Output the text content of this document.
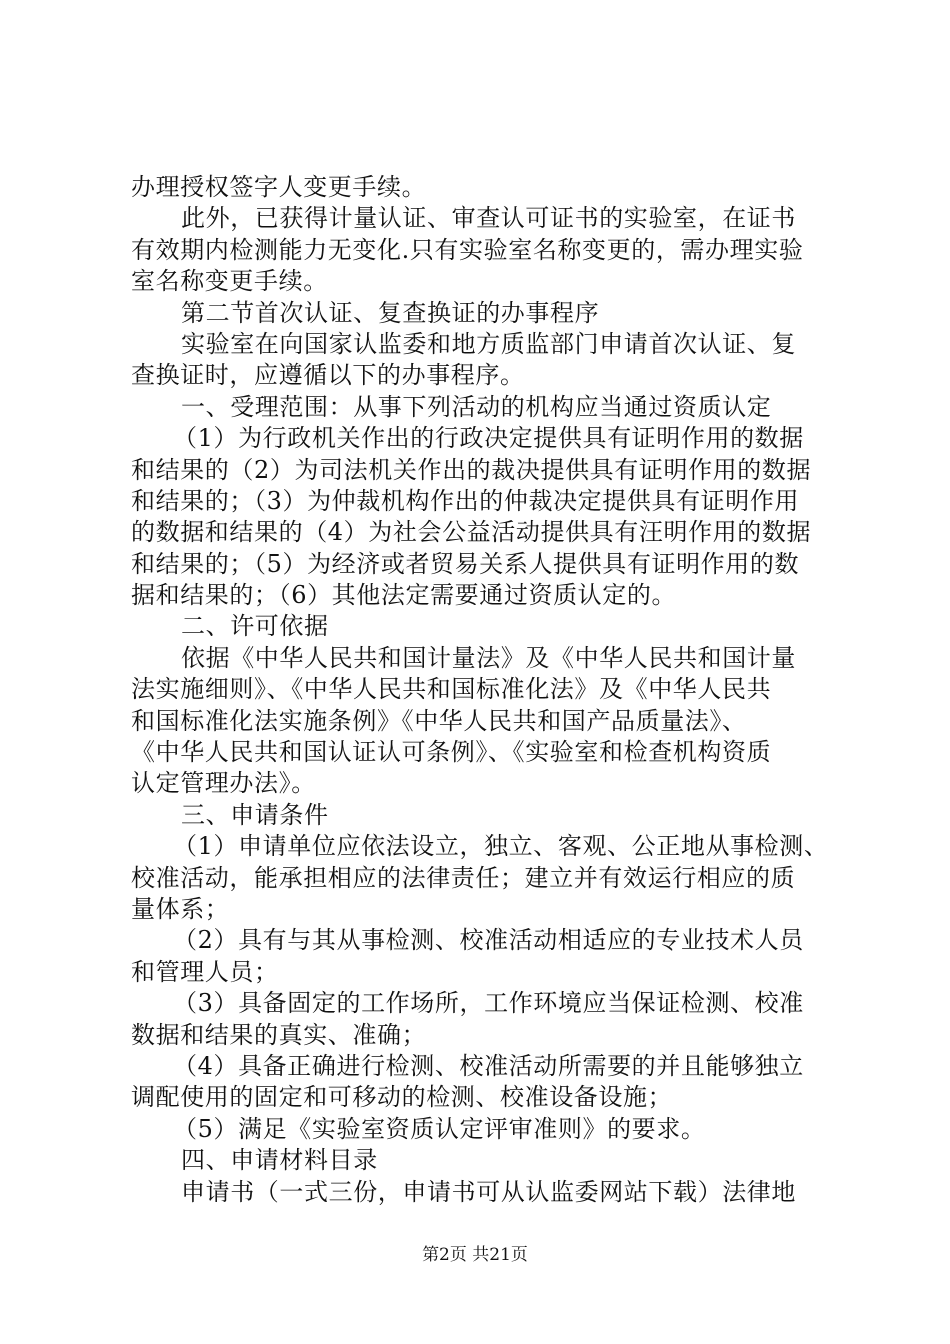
办理授权签字人变更手续。
此外，已获得计量认证、审查认可证书的实验室，在证书
有效期内检测能力无变化.只有实验室名称变更的，需办理实验
室名称变更手续。
第二节首次认证、复查换证的办事程序
实验室在向国家认监委和地方质监部门申请首次认证、复
查换证时，应遵循以下的办事程序。
一、受理范围：从事下列活动的机构应当通过资质认定
（1）为行政机关作出的行政决定提供具有证明作用的数据
和结果的（2）为司法机关作出的裁决提供具有证明作用的数据
和结果的；（3）为仲裁机构作出的仲裁决定提供具有证明作用
的数据和结果的（4）为社会公益活动提供具有汪明作用的数据
和结果的；（5）为经济或者贸易关系人提供具有证明作用的数
据和结果的；（6）其他法定需要通过资质认定的。
二、许可依据
依据《中华人民共和国计量法》及《中华人民共和国计量
法实施细则》、《中华人民共和国标准化法》及《中华人民共
和国标准化法实施条例》《中华人民共和国产品质量法》、
《中华人民共和国认证认可条例》、《实验室和检查机构资质
认定管理办法》。
三、申请条件
（1）申请单位应依法设立，独立、客观、公正地从事检测、
校准活动，能承担相应的法律责任；建立并有效运行相应的质
量体系；
（2）具有与其从事检测、校准活动相适应的专业技术人员
和管理人员；
（3）具备固定的工作场所，工作环境应当保证检测、校准
数据和结果的真实、准确；
（4）具备正确进行检测、校准活动所需要的并且能够独立
调配使用的固定和可移动的检测、校准设备设施；
（5）满足《实验室资质认定评审准则》的要求。
四、申请材料目录
申请书（一式三份，申请书可从认监委网站下载）法律地
第2页 共21页
